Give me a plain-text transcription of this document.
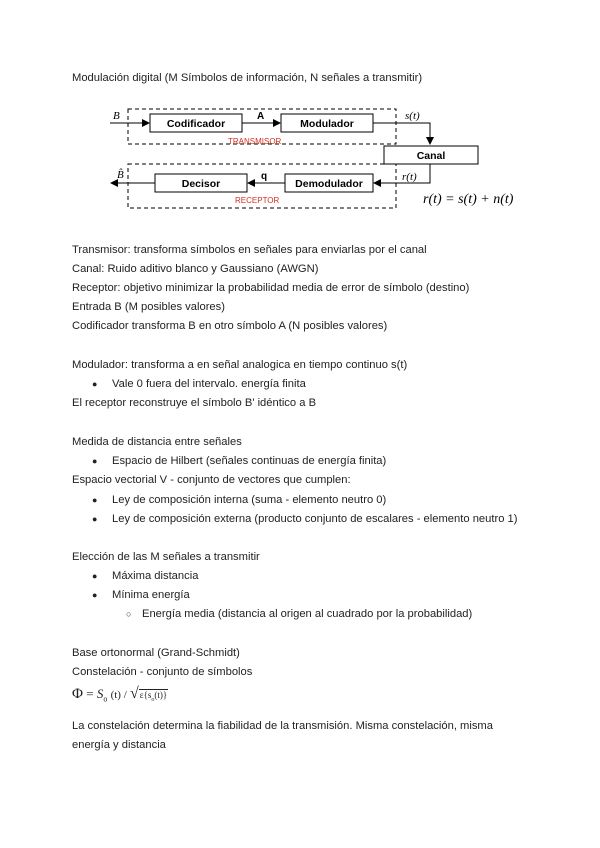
Modulación digital (M Símbolos de información, N señales a transmitir)
B
Codificador
A
Modulador
TRANSMISOR
s(t)
Canal
r(t)
Demodulador
q
Decisor
B̂
RECEPTOR	r(t) = s(t) + n(t)
Transmisor: transforma símbolos en señales para enviarlas por el canal
Canal: Ruido aditivo blanco y Gaussiano (AWGN)
Receptor: objetivo minimizar la probabilidad media de error de símbolo (destino)
Entrada B (M posibles valores)
Codificador transforma B en otro símbolo A (N posibles valores)
Modulador: transforma a en señal analogica en tiempo continuo s(t)
● Vale 0 fuera del intervalo. energía finita
El receptor reconstruye el símbolo B' idéntico a B
Medida de distancia entre señales
● Espacio de Hilbert (señales continuas de energía finita)
Espacio vectorial V - conjunto de vectores que cumplen:
● Ley de composición interna (suma - elemento neutro 0)
● Ley de composición externa (producto conjunto de escalares - elemento neutro 1)
Elección de las M señales a transmitir
● Máxima distancia
● Mínima energía
○ Energía media (distancia al origen al cuadrado por la probabilidad)
Base ortonormal (Grand-Schmidt)
Constelación - conjunto de símbolos
$\Phi = S_o$ $(t) / √\varepsilon\{s_o(t)\}$
La constelación determina la fiabilidad de la transmisión. Misma constelación, misma
energía y distancia
